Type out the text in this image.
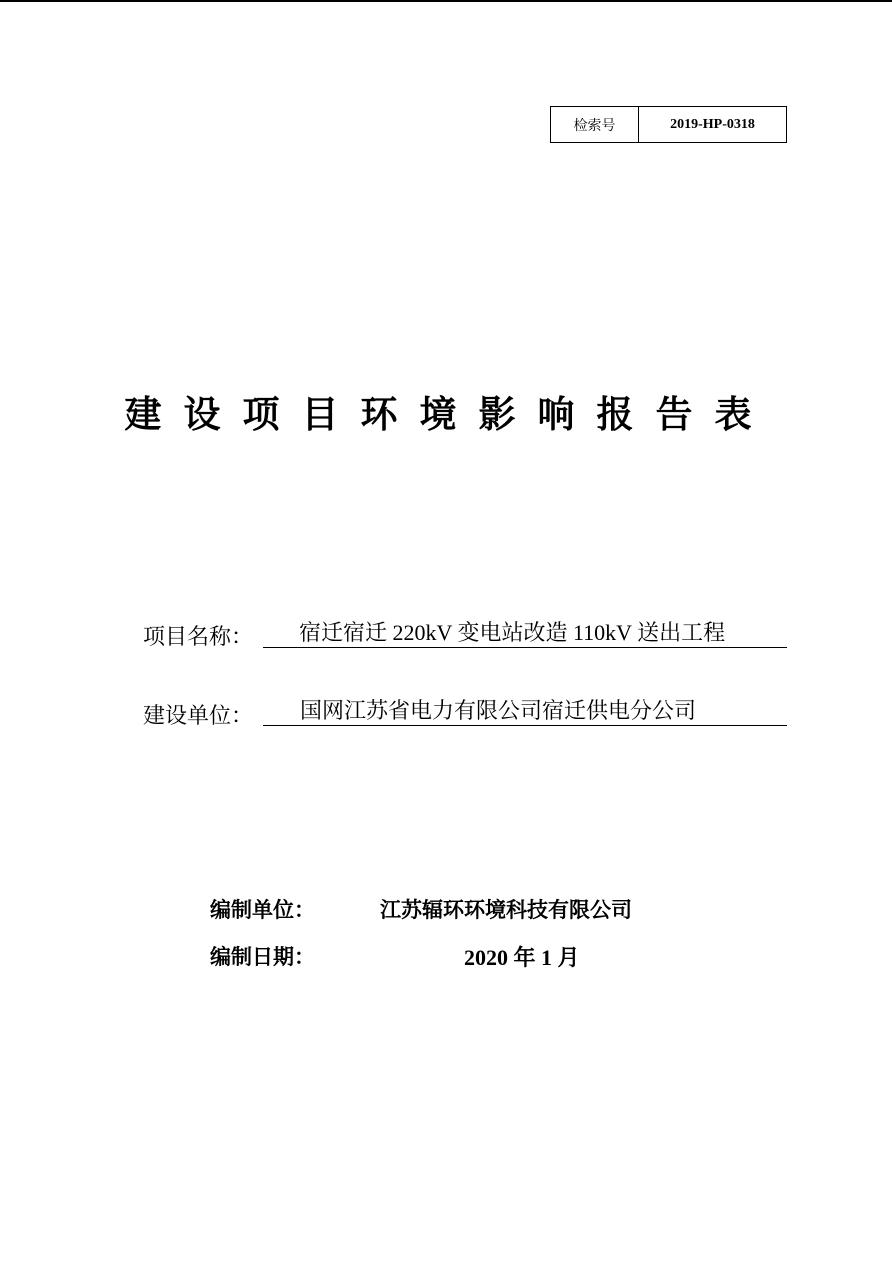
检索号	2019-HP-0318
建设项目环境影响报告表
项目名称：	宿迁宿迁 220kV 变电站改造 110kV 送出工程
建设单位：	国网江苏省电力有限公司宿迁供电分公司
编制单位：	江苏辐环环境科技有限公司
编制日期：	2020 年 1 月
